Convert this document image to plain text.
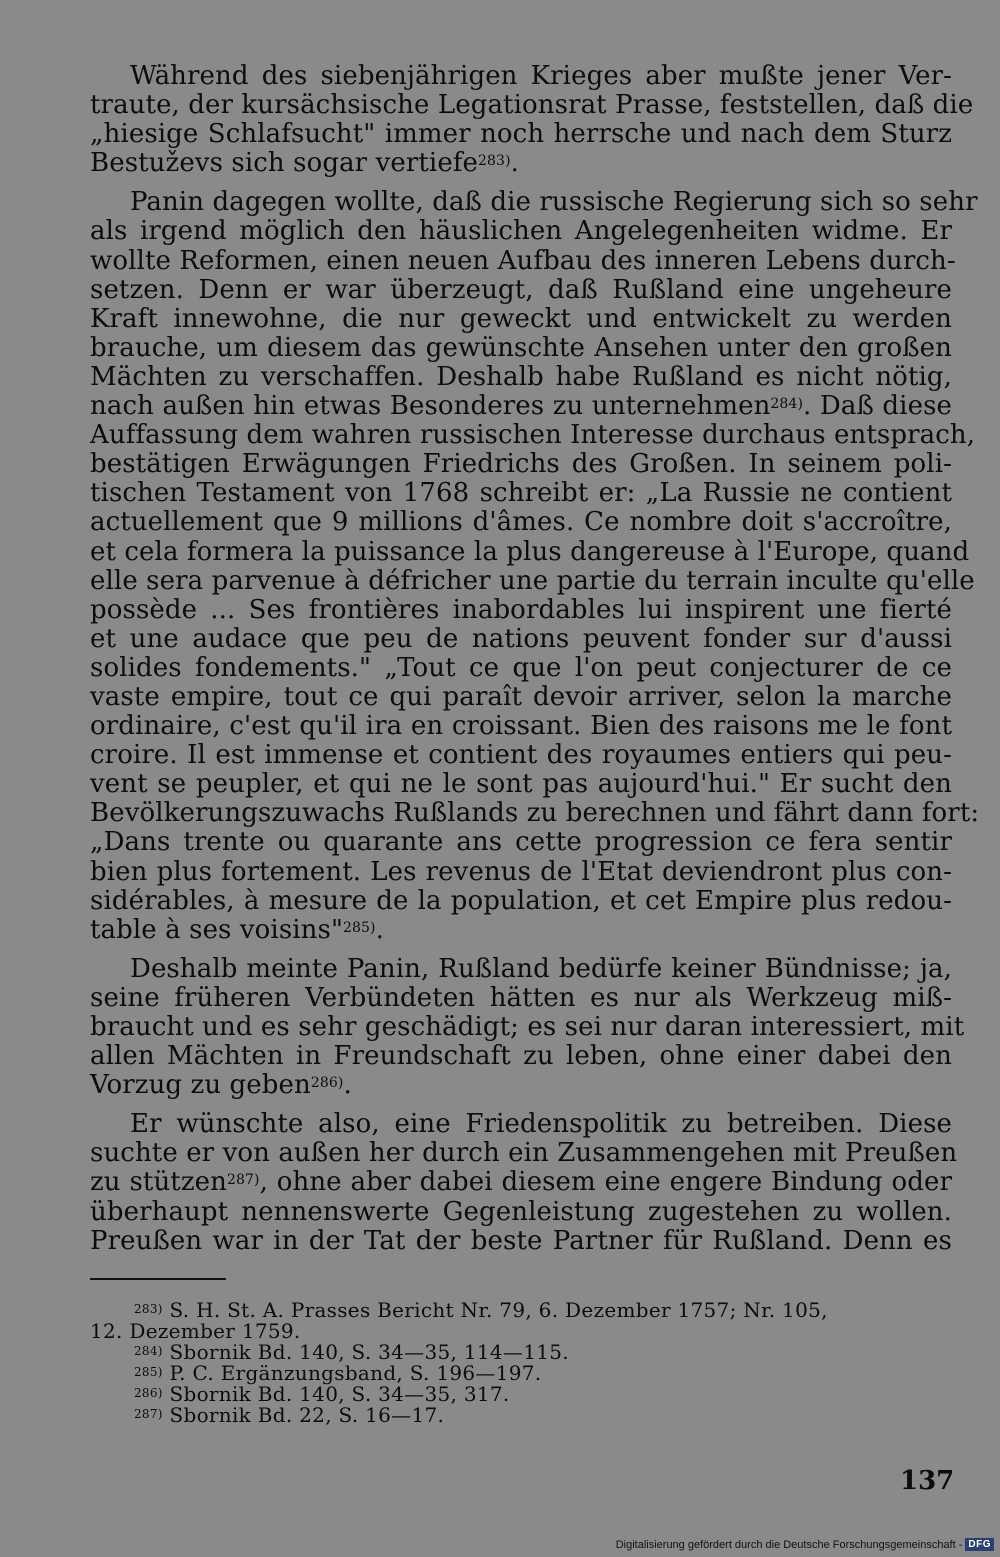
Während des siebenjährigen Krieges aber mußte jener Ver-
traute, der kursächsische Legationsrat Prasse, feststellen, daß die
„hiesige Schlafsucht" immer noch herrsche und nach dem Sturz
Bestuževs sich sogar vertiefe$^{283)}$.
Panin dagegen wollte, daß die russische Regierung sich so sehr
als irgend möglich den häuslichen Angelegenheiten widme. Er
wollte Reformen, einen neuen Aufbau des inneren Lebens durch-
setzen. Denn er war überzeugt, daß Rußland eine ungeheure
Kraft innewohne, die nur geweckt und entwickelt zu werden
brauche, um diesem das gewünschte Ansehen unter den großen
Mächten zu verschaffen. Deshalb habe Rußland es nicht nötig,
nach außen hin etwas Besonderes zu unternehmen$^{284)}$. Daß diese
Auffassung dem wahren russischen Interesse durchaus entsprach,
bestätigen Erwägungen Friedrichs des Großen. In seinem poli-
tischen Testament von 1768 schreibt er: „La Russie ne contient
actuellement que 9 millions d'âmes. Ce nombre doit s'accroître,
et cela formera la puissance la plus dangereuse à l'Europe, quand
elle sera parvenue à défricher une partie du terrain inculte qu'elle
possède ... Ses frontières inabordables lui inspirent une fierté
et une audace que peu de nations peuvent fonder sur d'aussi
solides fondements." „Tout ce que l'on peut conjecturer de ce
vaste empire, tout ce qui paraît devoir arriver, selon la marche
ordinaire, c'est qu'il ira en croissant. Bien des raisons me le font
croire. Il est immense et contient des royaumes entiers qui peu-
vent se peupler, et qui ne le sont pas aujourd'hui." Er sucht den
Bevölkerungszuwachs Rußlands zu berechnen und fährt dann fort:
„Dans trente ou quarante ans cette progression ce fera sentir
bien plus fortement. Les revenus de l'Etat deviendront plus con-
sidérables, à mesure de la population, et cet Empire plus redou-
table à ses voisins"$^{285)}$.
Deshalb meinte Panin, Rußland bedürfe keiner Bündnisse; ja,
seine früheren Verbündeten hätten es nur als Werkzeug miß-
braucht und es sehr geschädigt; es sei nur daran interessiert, mit
allen Mächten in Freundschaft zu leben, ohne einer dabei den
Vorzug zu geben$^{286)}$.
Er wünschte also, eine Friedenspolitik zu betreiben. Diese
suchte er von außen her durch ein Zusammengehen mit Preußen
zu stützen$^{287)}$, ohne aber dabei diesem eine engere Bindung oder
überhaupt nennenswerte Gegenleistung zugestehen zu wollen.
Preußen war in der Tat der beste Partner für Rußland. Denn es
$^{283)}$ S. H. St. A. Prasses Bericht Nr. 79, 6. Dezember 1757; Nr. 105,
12. Dezember 1759.
$^{284)}$ Sbornik Bd. 140, S. 34—35, 114—115.
$^{285)}$ P. C. Ergänzungsband, S. 196—197.
$^{286)}$ Sbornik Bd. 140, S. 34—35, 317.
$^{287)}$ Sbornik Bd. 22, S. 16—17.
137
Digitalisierung gefördert durch die Deutsche Forschungsgemeinschaft - DFG
